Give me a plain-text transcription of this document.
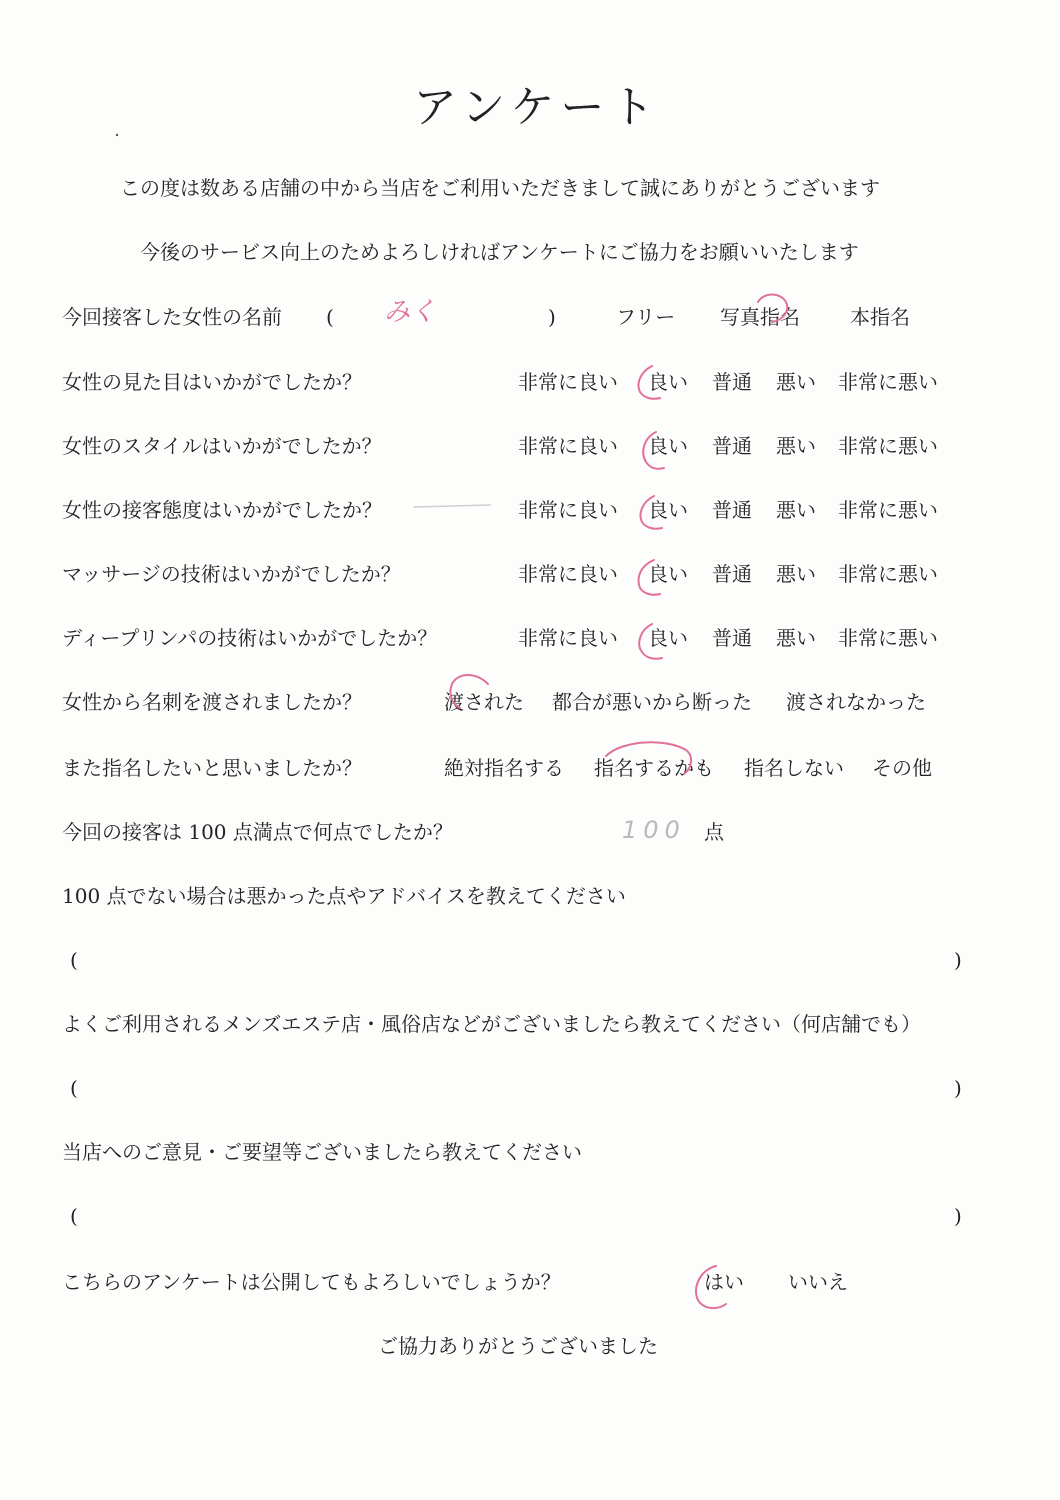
アンケート
この度は数ある店舗の中から当店をご利用いただきまして誠にありがとうございます
今後のサービス向上のためよろしければアンケートにご協力をお願いいたします
今回接客した女性の名前 ( みく	)	フリー 写真指名	本指名
女性の見た目はいかがでしたか？	非常に良い 良い 普通 悪い 非常に悪い
女性のスタイルはいかがでしたか？	非常に良い 良い 普通 悪い 非常に悪い
女性の接客態度はいかがでしたか？	非常に良い 良い 普通 悪い 非常に悪い
マッサージの技術はいかがでしたか？	非常に良い 良い 普通 悪い 非常に悪い
ディープリンパの技術はいかがでしたか？	非常に良い 良い 普通 悪い 非常に悪い
女性から名刺を渡されましたか？	渡された 都合が悪いから断った 渡されなかった
また指名したいと思いましたか？	絶対指名する 指名するかも 指名しない その他
今回の接客は 100 点満点で何点でしたか？	100 点
100 点でない場合は悪かった点やアドバイスを教えてください
(	)
よくご利用されるメンズエステ店・風俗店などがございましたら教えてください（何店舗でも）
(	)
当店へのご意見・ご要望等ございましたら教えてください
(	)
こちらのアンケートは公開してもよろしいでしょうか？	はい いいえ
ご協力ありがとうございました
